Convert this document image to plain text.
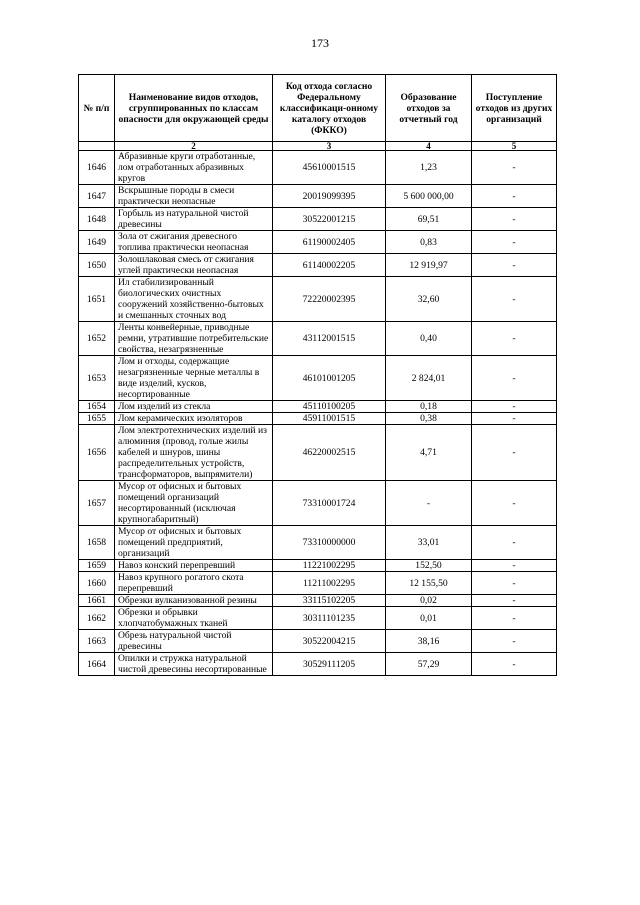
173
№ п/п	Наименование видов отходов, сгруппированных по классам опасности для окружающей среды	Код отхода согласно Федеральному классификаци-онному каталогу отходов (ФККО)	Образование отходов за отчетный год	Поступление отходов из других организаций
	2	3	4	5
1646	Абразивные круги отработанные, лом отработанных абразивных кругов	45610001515	1,23	-
1647	Вскрышные породы в смеси практически неопасные	20019099395	5 600 000,00	-
1648	Горбыль из натуральной чистой древесины	30522001215	69,51	-
1649	Зола от сжигания древесного топлива практически неопасная	61190002405	0,83	-
1650	Золошлаковая смесь от сжигания углей практически неопасная	61140002205	12 919,97	-
1651	Ил стабилизированный биологических очистных сооружений хозяйственно-бытовых и смешанных сточных вод	72220002395	32,60	-
1652	Ленты конвейерные, приводные ремни, утратившие потребительские свойства, незагрязненные	43112001515	0,40	-
1653	Лом и отходы, содержащие незагрязненные черные металлы в виде изделий, кусков, несортированные	46101001205	2 824,01	-
1654	Лом изделий из стекла	45110100205	0,18	-
1655	Лом керамических изоляторов	45911001515	0,38	-
1656	Лом электротехнических изделий из алюминия (провод, голые жилы кабелей и шнуров, шины распределительных устройств, трансформаторов, выпрямители)	46220002515	4,71	-
1657	Мусор от офисных и бытовых помещений организаций несортированный (исключая крупногабаритный)	73310001724	-	-
1658	Мусор от офисных и бытовых помещений предприятий, организаций	73310000000	33,01	-
1659	Навоз конский перепревший	11221002295	152,50	-
1660	Навоз крупного рогатого скота перепревший	11211002295	12 155,50	-
1661	Обрезки вулканизованной резины	33115102205	0,02	-
1662	Обрезки и обрывки хлопчатобумажных тканей	30311101235	0,01	-
1663	Обрезь натуральной чистой древесины	30522004215	38,16	-
1664	Опилки и стружка натуральной чистой древесины несортированные	30529111205	57,29	-
